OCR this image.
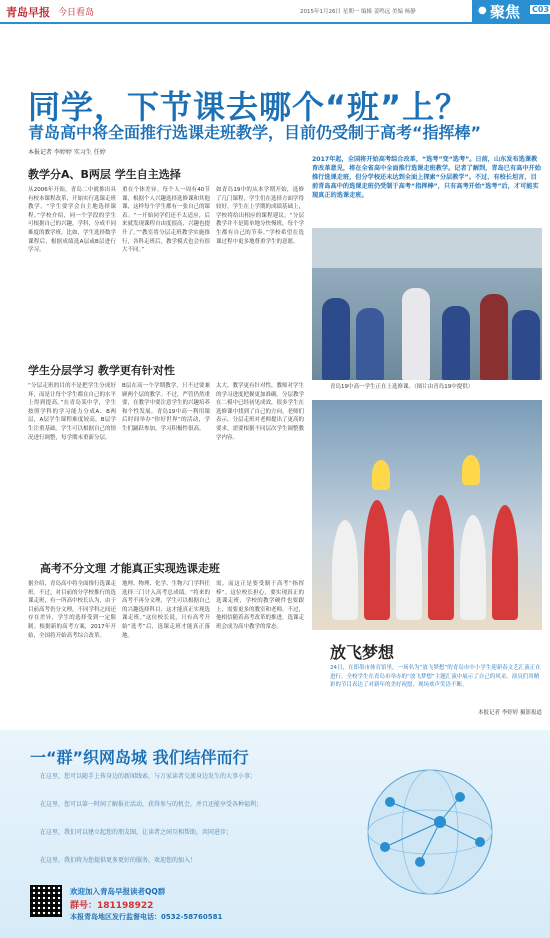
青岛早报 今日看岛	2015年1月26日 星期一 编辑 姜鸣远 美编 杨静	● 聚焦 C03
同学，下节课去哪个“班”上？
青岛高中将全面推行选课走班教学，目前仍受制于高考“指挥棒”
本报记者 李婷婷 实习生 任婷
2017年起，全国将开始高考综合改革，“选考”变“选考”。日前，山东发布选课教育改革意见，将在全省高中全面推行选课走班教学。记者了解到，青岛已有高中开始推行选课走班，但分学校还未达到全面上探索“分层教学”。不过，有校长坦言，目前青岛高中的选课走班仍受制于高考“指挥棒”，只有高考开始“选考”后，才可能实现真正的选课走班。
教学分A、B两层 学生自主选择
从2006年开始，青岛二中就推出具有校本课程改革，开始实行选课走班教学。“学生要学会自主地选择课程。”学校介绍，同一个学段的学生可根据自己的兴趣，学科，分成不同难度的教学班。比如，学生选择数学课程后，根据成绩选A层或B层进行学习。
重在个体差异。每个人一周有40节课，根据个人兴趣选择选修课和其他课，这样每个学生都有一张自己的课表。“一开始同学们还不太适应，后来就发现课程自由度很高，兴趣也提升了。”“教室将分层走班教学实施推行，各科走班后，教学模式也会有很大不同。”
如青岛19中的从本学期开始，选修了几门课程，学生们在选择方面学得较好。学生在上学期的成绩基础上，学校将给出相应的课程建议。“分层教学并不是简单地分快慢班，每个学生都有自己的节奏。”学校希望在选课过程中更多地尊重学生的意愿。
学生分层学习 教学更有针对性
“分层走班的目的不是把学生分成好坏，而是让每个学生都在自己的水平上得到提高。”在青岛某中学，学生按照学科的学习能力分成A、B两层，A层学生课程难度较高，B层学生注重基础。学生可以根据自己的情况进行调整，每学期末重新分层。
B层在高一个学期教学，只不过要兼顾两个层的教学。不过，严管仍然重要，在教学中要注意学生的兴趣培养和个性发展。青岛19中高一利用课后时间举办“你好世界”的活动，学生们踊跃参加，学习积极性很高。
太大，教学更有针对性，教师对学生的学习进度把握更加准确。分层教学在二模中已经初见成效，很多学生在选修课中找到了自己的方向。老师们表示，分层走班对老师提出了更高的要求，需要根据不同层次学生调整教学内容。
高考不分文理 才能真正实现选课走班
据介绍，青岛高中将全面推行选课走班。不过，对目前的分学校推行的选课走班，有一所高中校长认为，由于目前高考仍分文理，不同学科之间还存在差异，学生的选择受到一定限制。根据新的高考方案，2017年开始，全国将开始高考综合改革。
地理、物理、化学、生物六门学科任选择三门计入高考总成绩。“将来的高考不再分文理，学生可以根据自己的兴趣选择科目，这才能真正实现选课走班。”这位校长说，只有高考开始“选考”后，选课走班才能真正落地。
需，而这正是要受制于高考“指挥棒”。这位校长担心，要实现真正的选课走班，学校的教学硬件也要跟上，需要更多的教室和老师。不过，他相信随着高考改革的推进，选课走班会成为高中教学的常态。
青岛19中高一学生正在上选修课。（图片由青岛19中提供）
放飞梦想
24日，在即墨市体育馆里，一场名为“放飞梦想”的青岛市中小学生迎新春文艺汇演正在进行。全校学生在青岛市举办的“放飞梦想”主题汇演中展示了自己的风采。演员们用精彩的节目表达了对新年的美好祝愿，现场欢声笑语不断。
本报记者 李婷婷 摄影报道
一“群”织网岛城 我们结伴而行
在这里，您可以随手上传身边的新闻线索，与万家读者交流身边发生的大事小事；
在这里，您可以第一时间了解报社活动，获得参与的机会，并且还能享受各种福利；
在这里，我们可以建立起您的朋友圈，让读者之间互相帮助，共同进步；
在这里，我们将为您提供更多更好的服务，欢迎您的加入！
欢迎加入青岛早报读者QQ群
群号：181198922
本报青岛地区发行监督电话：0532-58760581
